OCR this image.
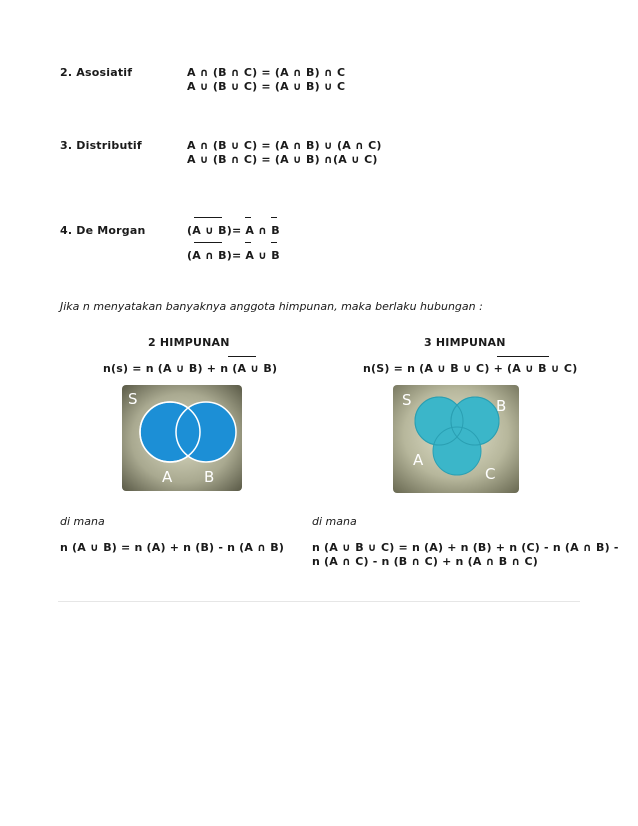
2. Asosiatif	A ∩ (B ∩ C) = (A ∩ B) ∩ C
A ∪ (B ∪ C) = (A ∪ B) ∪ C
3. Distributif	A ∩ (B ∪ C) = (A ∩ B) ∪ (A ∩ C)
A ∪ (B ∩ C) = (A ∪ B) ∩(A ∪ C)
4. De Morgan	(A ∪ B)= A ∩ B
(A ∩ B)= A ∪ B
Jika n menyatakan banyaknya anggota himpunan, maka berlaku hubungan :
2 HIMPUNAN	3 HIMPUNAN
n(s) = n (A ∪ B) + n (A ∪ B)	n(S) = n (A ∪ B ∪ C) + (A ∪ B ∪ C)
S
A B
S	B
A
C
di mana	di mana
n (A ∪ B) = n (A) + n (B) - n (A ∩ B)	n (A ∪ B ∪ C) = n (A) + n (B) + n (C) - n (A ∩ B) -
n (A ∩ C) - n (B ∩ C) + n (A ∩ B ∩ C)
